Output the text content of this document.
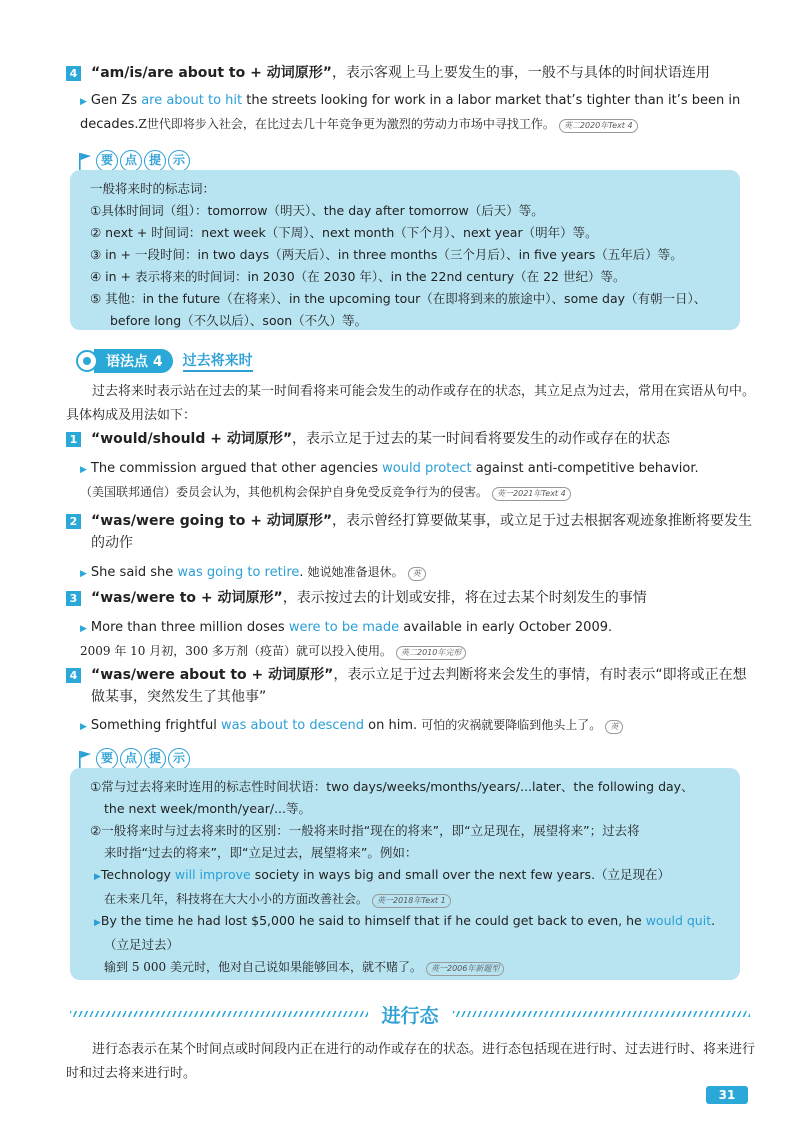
4 “am/is/are about to + 动词原形”，表示客观上马上要发生的事，一般不与具体的时间状语连用
▶ Gen Zs are about to hit the streets looking for work in a labor market that’s tighter than it’s been in decades.Z世代即将步入社会，在比过去几十年竞争更为激烈的劳动力市场中寻找工作。 英二2020年Text 4
要 点 提 示
一般将来时的标志词：
①具体时间词（组）：tomorrow（明天）、the day after tomorrow（后天）等。
② next + 时间词：next week（下周）、next month（下个月）、next year（明年）等。
③ in + 一段时间：in two days（两天后）、in three months（三个月后）、in five years（五年后）等。
④ in + 表示将来的时间词：in 2030（在 2030 年）、in the 22nd century（在 22 世纪）等。
⑤ 其他：in the future（在将来）、in the upcoming tour（在即将到来的旅途中）、some day（有朝一日）、
before long（不久以后）、soon（不久）等。
语法点 4	过去将来时
过去将来时表示站在过去的某一时间看将来可能会发生的动作或存在的状态，其立足点为过去，常用在宾语从句中。具体构成及用法如下：
1 “would/should + 动词原形”，表示立足于过去的某一时间看将要发生的动作或存在的状态
▶ The commission argued that other agencies would protect against anti-competitive behavior.
（美国联邦通信）委员会认为，其他机构会保护自身免受反竞争行为的侵害。 英一2021年Text 4
2 “was/were going to + 动词原形”，表示曾经打算要做某事，或立足于过去根据客观迹象推断将要发生的动作
▶ She said she was going to retire. 她说她准备退休。 英
3 “was/were to + 动词原形”，表示按过去的计划或安排，将在过去某个时刻发生的事情
▶ More than three million doses were to be made available in early October 2009.
2009 年 10 月初，300 多万剂（疫苗）就可以投入使用。 英二2010年完形
4 “was/were about to + 动词原形”，表示立足于过去判断将来会发生的事情，有时表示“即将或正在想做某事，突然发生了其他事”
▶ Something frightful was about to descend on him. 可怕的灾祸就要降临到他头上了。 英
要 点 提 示
①常与过去将来时连用的标志性时间状语：two days/weeks/months/years/...later、the following day、
the next week/month/year/...等。
②一般将来时与过去将来时的区别：一般将来时指“现在的将来”，即“立足现在，展望将来”；过去将
来时指“过去的将来”，即“立足过去，展望将来”。例如：
▶Technology will improve society in ways big and small over the next few years.（立足现在）
在未来几年，科技将在大大小小的方面改善社会。 英一2018年Text 1
▶By the time he had lost $5,000 he said to himself that if he could get back to even, he would quit.
（立足过去）
输到 5 000 美元时，他对自己说如果能够回本，就不赌了。 英一2006年新题型
进行态
进行态表示在某个时间点或时间段内正在进行的动作或存在的状态。进行态包括现在进行时、过去进行时、将来进行时和过去将来进行时。
31
